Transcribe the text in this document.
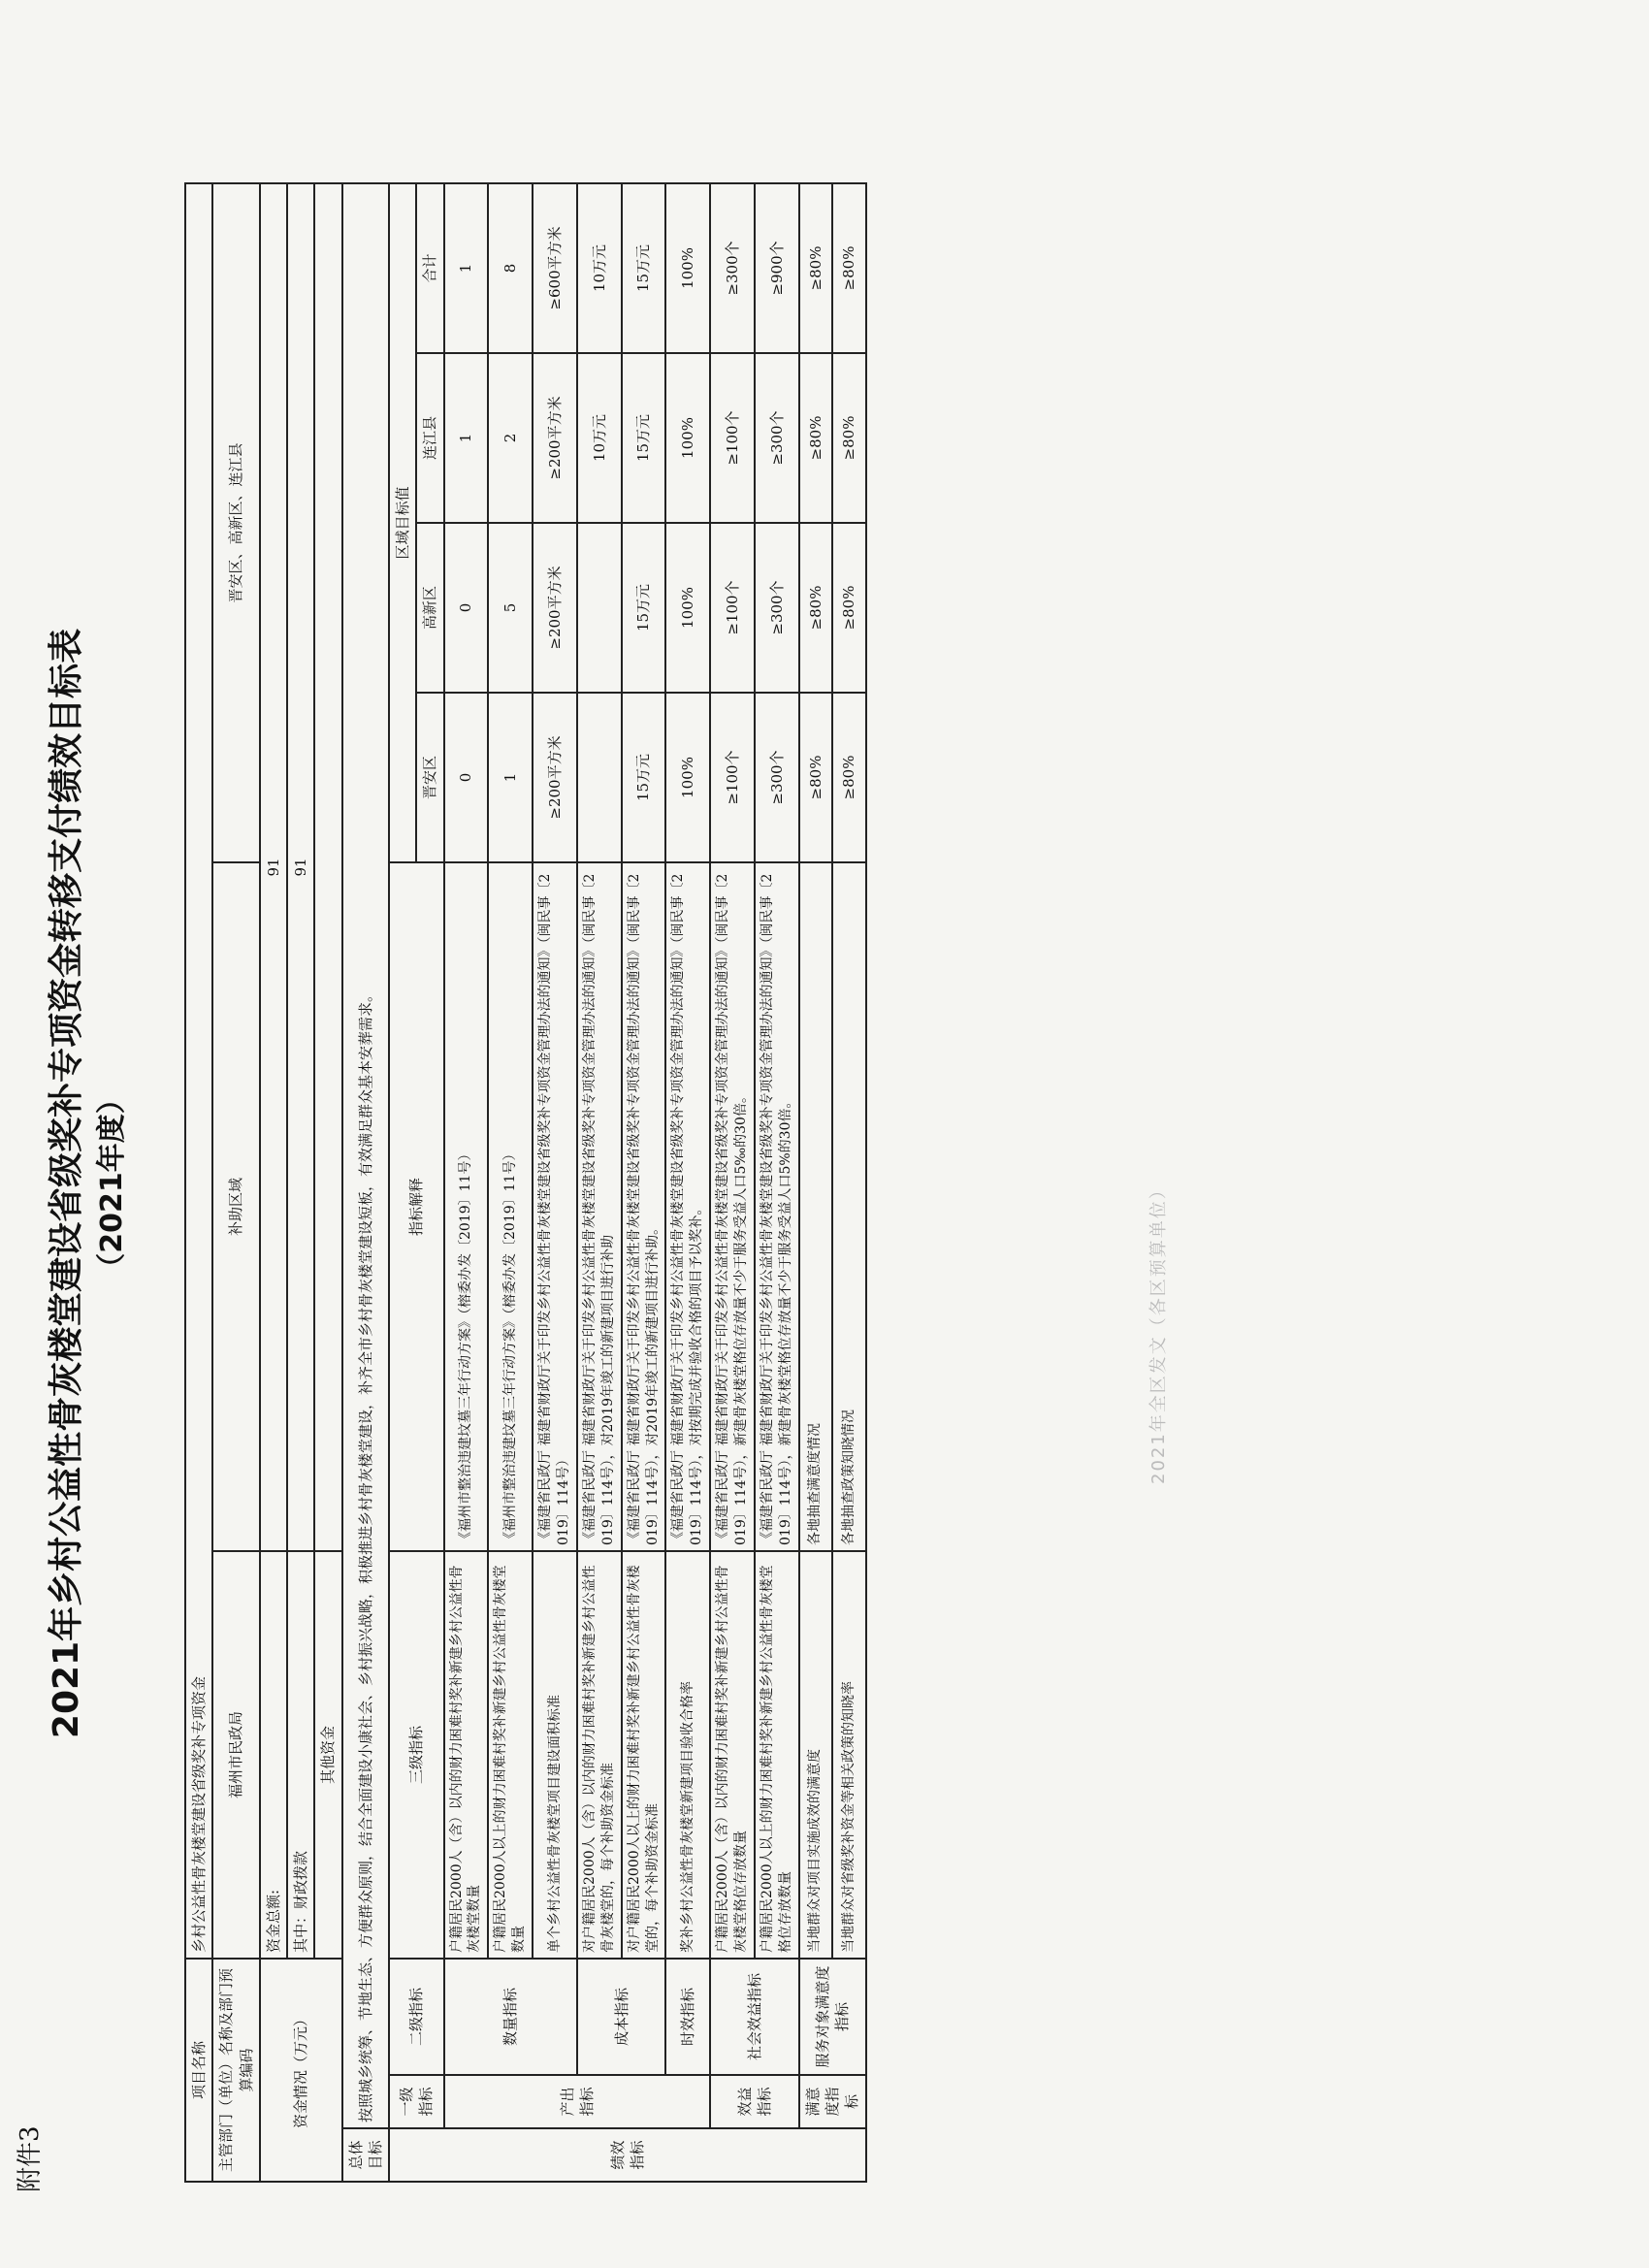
附件3
2021年乡村公益性骨灰楼堂建设省级奖补专项资金转移支付绩效目标表 （2021年度）
项目名称			乡村公益性骨灰楼堂建设省级奖补专项资金					
主管部门（单位）名称及部门预算编码			福州市民政局	补助区域	晋安区、高新区、连江县			
资金情况（万元）			资金总额:	91				
			其中：财政拨款	91				
			其他资金					
总体目标	按照城乡统筹、节地生态、方便群众原则，结合全面建设小康社会、乡村振兴战略，积极推进乡村骨灰楼堂建设，补齐全市乡村骨灰楼堂建设短板，有效满足群众基本安葬需求。							
绩效指标	一级指标	二级指标	三级指标	指标解释	区域目标值			
					晋安区	高新区	连江县	合计
	产出指标	数量指标	户籍居民2000人（含）以内的财力困难村奖补新建乡村公益性骨灰楼堂数量	《福州市整治违建坟墓三年行动方案》（榕委办发〔2019〕11号）	0	0	1	1
			户籍居民2000人以上的财力困难村奖补新建乡村公益性骨灰楼堂数量	《福州市整治违建坟墓三年行动方案》（榕委办发〔2019〕11号）	1	5	2	8
			单个乡村公益性骨灰楼堂项目建设面积标准	《福建省民政厅 福建省财政厅关于印发乡村公益性骨灰楼堂建设省级奖补专项资金管理办法的通知》（闽民事〔2019〕114号）	≥200平方米	≥200平方米	≥200平方米	≥600平方米
		成本指标	对户籍居民2000人（含）以内的财力困难村奖补新建乡村公益性骨灰楼堂的，每个补助资金标准	《福建省民政厅 福建省财政厅关于印发乡村公益性骨灰楼堂建设省级奖补专项资金管理办法的通知》（闽民事〔2019〕114号），对2019年竣工的新建项目进行补助			10万元	10万元
			对户籍居民2000人以上的财力困难村奖补新建乡村公益性骨灰楼堂的，每个补助资金标准	《福建省民政厅 福建省财政厅关于印发乡村公益性骨灰楼堂建设省级奖补专项资金管理办法的通知》（闽民事〔2019〕114号），对2019年竣工的新建项目进行补助。	15万元	15万元	15万元	15万元
		时效指标	奖补乡村公益性骨灰楼堂新建项目验收合格率	《福建省民政厅 福建省财政厅关于印发乡村公益性骨灰楼堂建设省级奖补专项资金管理办法的通知》（闽民事〔2019〕114号），对按期完成并验收合格的项目予以奖补。	100%	100%	100%	100%
	效益指标	社会效益指标	户籍居民2000人（含）以内的财力困难村奖补新建乡村公益性骨灰楼堂格位存放数量	《福建省民政厅 福建省财政厅关于印发乡村公益性骨灰楼堂建设省级奖补专项资金管理办法的通知》（闽民事〔2019〕114号），新建骨灰楼堂格位存放量不少于服务受益人口5‰的30倍。	≥100个	≥100个	≥100个	≥300个
			户籍居民2000人以上的财力困难村奖补新建乡村公益性骨灰楼堂格位存放数量	《福建省民政厅 福建省财政厅关于印发乡村公益性骨灰楼堂建设省级奖补专项资金管理办法的通知》（闽民事〔2019〕114号），新建骨灰楼堂格位存放量不少于服务受益人口5%的30倍。	≥300个	≥300个	≥300个	≥900个
	满意度指标	服务对象满意度指标	当地群众对项目实施成效的满意度	各地抽查满意度情况	≥80%	≥80%	≥80%	≥80%
			当地群众对省级奖补资金等相关政策的知晓率	各地抽查政策知晓情况	≥80%	≥80%	≥80%	≥80%
2021年全区发文（各区预算单位）
